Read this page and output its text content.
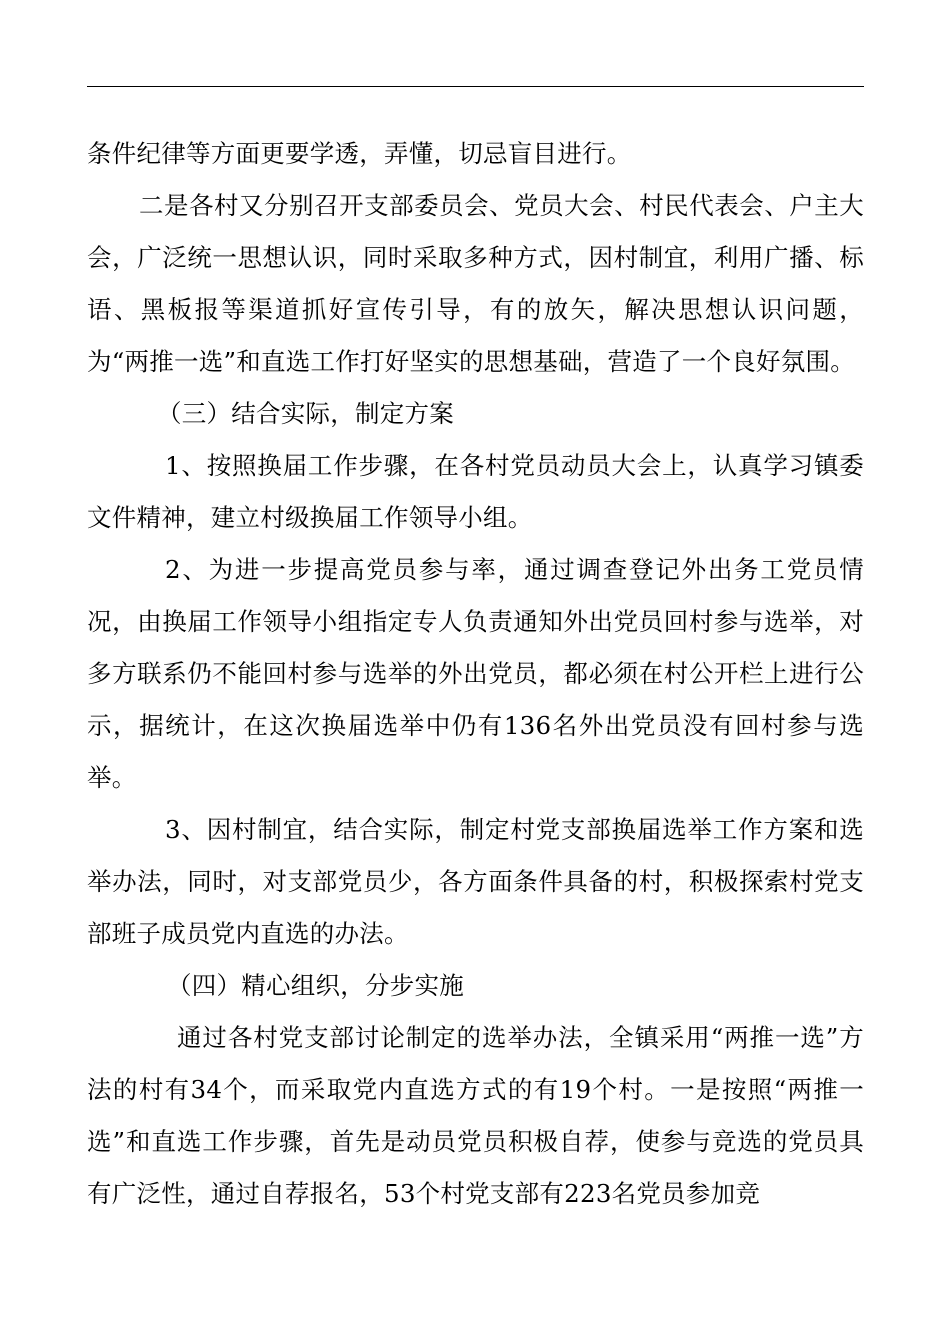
条件纪律等方面更要学透，弄懂，切忌盲目进行。

二是各村又分别召开支部委员会、党员大会、村民代表会、户主大会，广泛统一思想认识，同时采取多种方式，因村制宜，利用广播、标语、黑板报等渠道抓好宣传引导，有的放矢，解决思想认识问题，为“两推一选”和直选工作打好坚实的思想基础，营造了一个良好氛围。

（三）结合实际，制定方案

1、按照换届工作步骤，在各村党员动员大会上，认真学习镇委文件精神，建立村级换届工作领导小组。

2、为进一步提高党员参与率，通过调查登记外出务工党员情况，由换届工作领导小组指定专人负责通知外出党员回村参与选举，对多方联系仍不能回村参与选举的外出党员，都必须在村公开栏上进行公示，据统计，在这次换届选举中仍有136名外出党员没有回村参与选举。

3、因村制宜，结合实际，制定村党支部换届选举工作方案和选举办法，同时，对支部党员少，各方面条件具备的村，积极探索村党支部班子成员党内直选的办法。

（四）精心组织，分步实施

通过各村党支部讨论制定的选举办法，全镇采用“两推一选”方法的村有34个，而采取党内直选方式的有19个村。一是按照“两推一选”和直选工作步骤，首先是动员党员积极自荐，使参与竞选的党员具有广泛性，通过自荐报名，53个村党支部有223名党员参加竞
